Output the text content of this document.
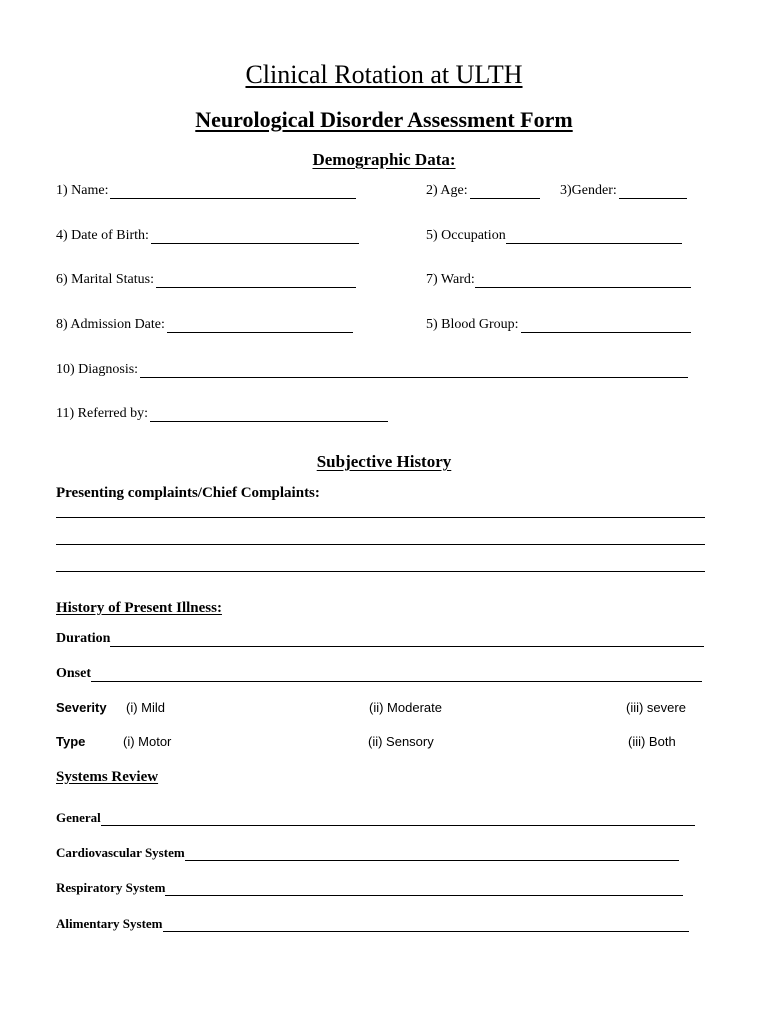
Clinical Rotation at ULTH
Neurological Disorder Assessment Form
Demographic Data:
1) Name:	2) Age:	3)Gender:
4) Date of Birth:	5) Occupation
6) Marital Status:	7) Ward:
8) Admission Date:	5) Blood Group:
10) Diagnosis:
11) Referred by:
Subjective History
Presenting complaints/Chief Complaints:
History of Present Illness:
Duration
Onset
Severity (i) Mild	(ii) Moderate	(iii) severe
Type	(i) Motor	(ii) Sensory	(iii) Both
Systems Review
General
Cardiovascular System
Respiratory System
Alimentary System
